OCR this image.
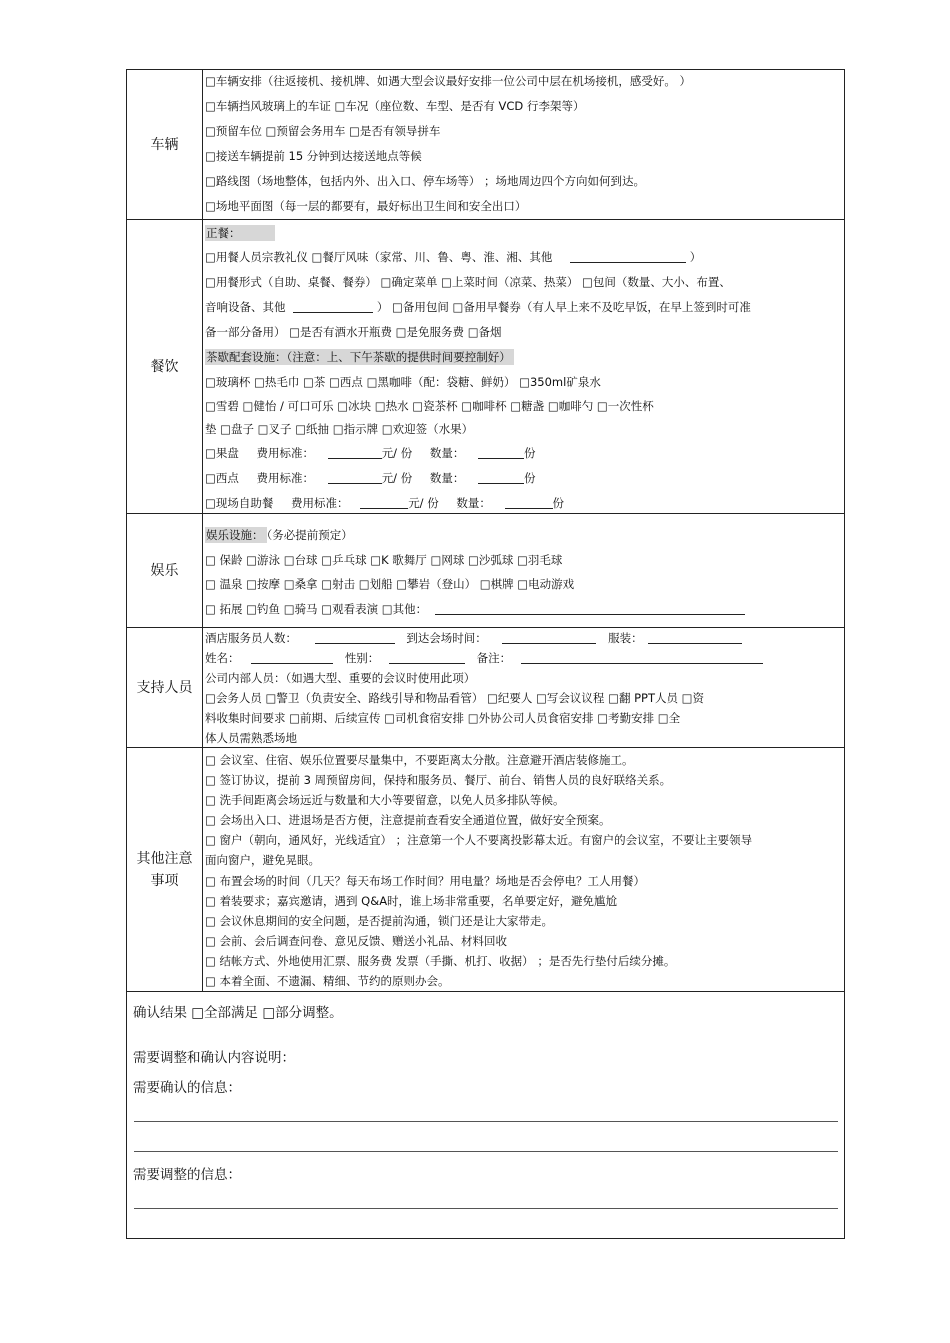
车辆
□车辆安排（往返接机、接机牌、如遇大型会议最好安排一位公司中层在机场接机，感受好。 ）
□车辆挡风玻璃上的车证 □车况（座位数、车型、是否有 VCD 行李架等）
□预留车位 □预留会务用车 □是否有领导拼车
□接送车辆提前 15 分钟到达接送地点等候
□路线图（场地整体，包括内外、出入口、停车场等） ；场地周边四个方向如何到达。
□场地平面图（每一层的都要有，最好标出卫生间和安全出口）
餐饮
正餐：
□用餐人员宗教礼仪 □餐厅风味（家常、川、鲁、粤、淮、湘、其他	）
□用餐形式（自助、桌餐、餐券） □确定菜单 □上菜时间（凉菜、热菜） □包间（数量、大小、布置、
音响设备、其他	） □备用包间 □备用早餐券（有人早上来不及吃早饭，在早上签到时可准
备一部分备用） □是否有酒水开瓶费 □是免服务费 □备烟
茶歇配套设施：（注意：上、下午茶歇的提供时间要控制好）
□玻璃杯 □热毛巾 □茶 □西点 □黑咖啡（配：袋糖、鲜奶） □350ml矿泉水
□雪碧 □健怡 / 可口可乐 □冰块 □热水 □瓷茶杯 □咖啡杯 □糖盏 □咖啡勺 □一次性杯
垫 □盘子 □叉子 □纸抽 □指示牌 □欢迎签（水果）
□果盘 费用标准：	元/ 份 数量：	份
□西点 费用标准：	元/ 份 数量：	份
□现场自助餐 费用标准：	元/ 份 数量：	份
娱乐
娱乐设施： （务必提前预定）
□ 保龄 □游泳 □台球 □乒乓球 □K 歌舞厅 □网球 □沙弧球 □羽毛球
□ 温泉 □按摩 □桑拿 □射击 □划船 □攀岩（登山） □棋牌 □电动游戏
□ 拓展 □钓鱼 □骑马 □观看表演 □其他：
支持人员
酒店服务员人数：	到达会场时间：	服装：
姓名：	性别：	备注：
公司内部人员：（如遇大型、重要的会议时使用此项）
□会务人员 □警卫（负责安全、路线引导和物品看管） □纪要人 □写会议议程 □翻 PPT人员 □资
料收集时间要求 □前期、后续宣传 □司机食宿安排 □外协公司人员食宿安排 □考勤安排 □全
体人员需熟悉场地
其他注意
事项
□ 会议室、住宿、娱乐位置要尽量集中，不要距离太分散。注意避开酒店装修施工。
□ 签订协议，提前 3 周预留房间，保持和服务员、餐厅、前台、销售人员的良好联络关系。
□ 洗手间距离会场远近与数量和大小等要留意，以免人员多排队等候。
□ 会场出入口、进退场是否方便，注意提前查看安全通道位置，做好安全预案。
□ 窗户（朝向，通风好，光线适宜） ；注意第一个人不要离投影幕太近。有窗户的会议室，不要让主要领导
面向窗户，避免晃眼。
□ 布置会场的时间（几天？每天布场工作时间？用电量？场地是否会停电？工人用餐）
□ 着装要求；嘉宾邀请，遇到 Q&A时，谁上场非常重要，名单要定好，避免尴尬
□ 会议休息期间的安全问题，是否提前沟通，锁门还是让大家带走。
□ 会前、会后调查问卷、意见反馈、赠送小礼品、材料回收
□ 结帐方式、外地使用汇票、服务费 发票（手撕、机打、收据） ；是否先行垫付后续分摊。
□ 本着全面、不遗漏、精细、节约的原则办会。
确认结果 □全部满足 □部分调整。
需要调整和确认内容说明：
需要确认的信息：
需要调整的信息：
